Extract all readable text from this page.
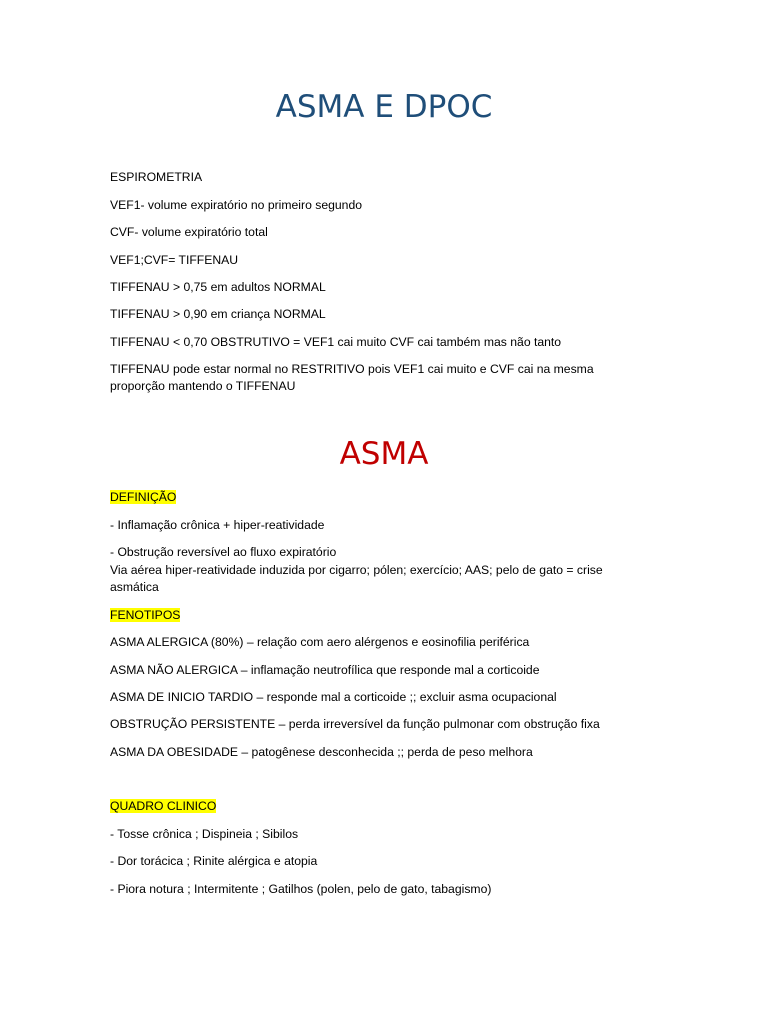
ASMA E DPOC

ESPIROMETRIA

VEF1- volume expiratório no primeiro segundo

CVF- volume expiratório total

VEF1;CVF= TIFFENAU

TIFFENAU > 0,75 em adultos NORMAL

TIFFENAU > 0,90 em criança NORMAL

TIFFENAU < 0,70 OBSTRUTIVO = VEF1 cai muito CVF cai também mas não tanto

TIFFENAU pode estar normal no RESTRITIVO pois VEF1 cai muito e CVF cai na mesma proporção mantendo o TIFFENAU

ASMA

DEFINIÇÃO

- Inflamação crônica + hiper-reatividade

- Obstrução reversível ao fluxo expiratório

Via aérea hiper-reatividade induzida por cigarro; pólen; exercício; AAS; pelo de gato = crise asmática

FENOTIPOS

ASMA ALERGICA (80%) – relação com aero alérgenos e eosinofilia periférica

ASMA NÃO ALERGICA – inflamação neutrofílica que responde mal a corticoide

ASMA DE INICIO TARDIO – responde mal a corticoide ;; excluir asma ocupacional

OBSTRUÇÃO PERSISTENTE – perda irreversível da função pulmonar com obstrução fixa

ASMA DA OBESIDADE – patogênese desconhecida ;; perda de peso melhora

QUADRO CLINICO

- Tosse crônica ; Dispineia ; Sibilos

- Dor torácica ; Rinite alérgica e atopia

- Piora notura ; Intermitente ; Gatilhos (polen, pelo de gato, tabagismo)
